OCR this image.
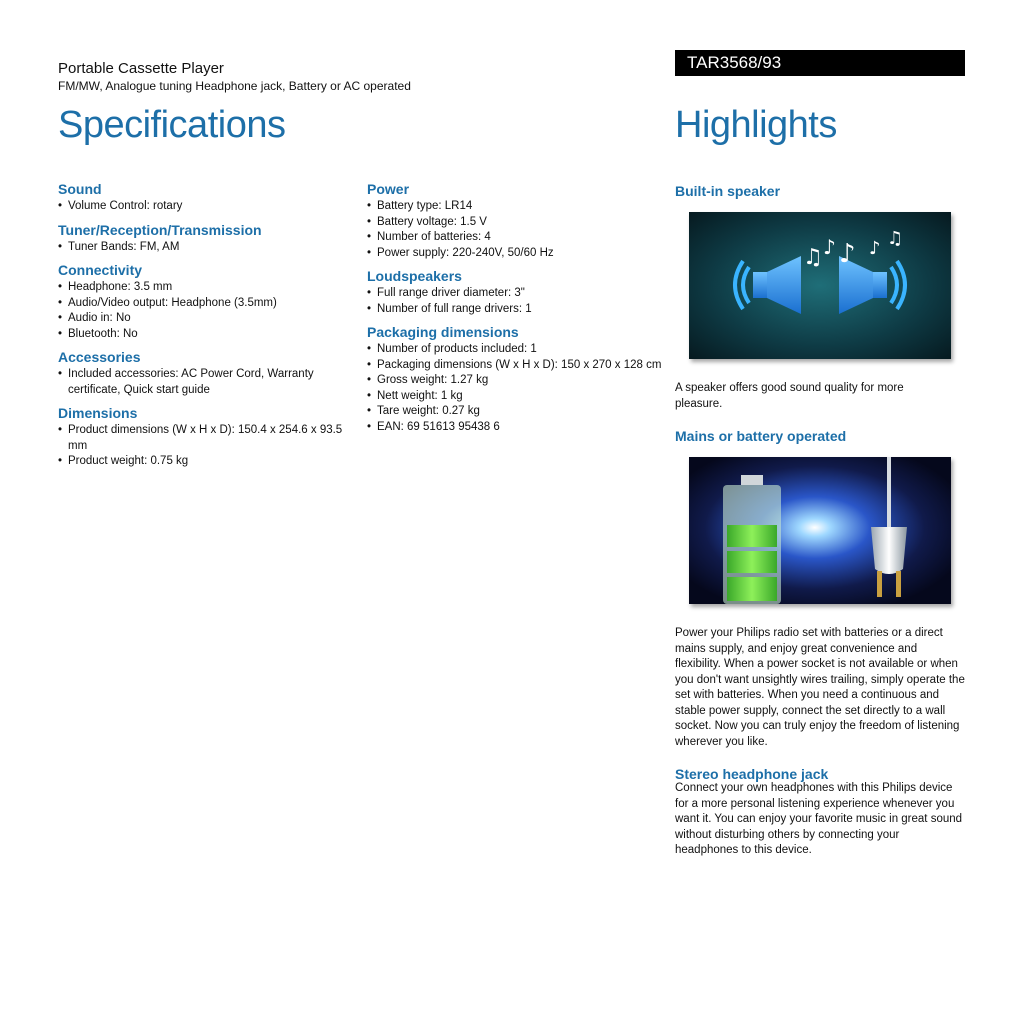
Portable Cassette Player
FM/MW, Analogue tuning Headphone jack, Battery or AC operated
TAR3568/93
Specifications	Highlights
Sound
• Volume Control: rotary
Tuner/Reception/Transmission
• Tuner Bands: FM, AM
Connectivity
• Headphone: 3.5 mm
• Audio/Video output: Headphone (3.5mm)
• Audio in: No
• Bluetooth: No
Accessories
• Included accessories: AC Power Cord, Warranty certificate, Quick start guide
Dimensions
• Product dimensions (W x H x D): 150.4 x 254.6 x 93.5 mm
• Product weight: 0.75 kg
Power
• Battery type: LR14
• Battery voltage: 1.5 V
• Number of batteries: 4
• Power supply: 220-240V, 50/60 Hz
Loudspeakers
• Full range driver diameter: 3"
• Number of full range drivers: 1
Packaging dimensions
• Number of products included: 1
• Packaging dimensions (W x H x D): 150 x 270 x 128 cm
• Gross weight: 1.27 kg
• Nett weight: 1 kg
• Tare weight: 0.27 kg
• EAN: 69 51613 95438 6
Built-in speaker
♫ ♪ ♪ ♪ ♫
A speaker offers good sound quality for more pleasure.
Mains or battery operated
Power your Philips radio set with batteries or a direct mains supply, and enjoy great convenience and flexibility. When a power socket is not available or when you don't want unsightly wires trailing, simply operate the set with batteries. When you need a continuous and stable power supply, connect the set directly to a wall socket. Now you can truly enjoy the freedom of listening wherever you like.
Stereo headphone jack
Connect your own headphones with this Philips device for a more personal listening experience whenever you want it. You can enjoy your favorite music in great sound without disturbing others by connecting your headphones to this device.
